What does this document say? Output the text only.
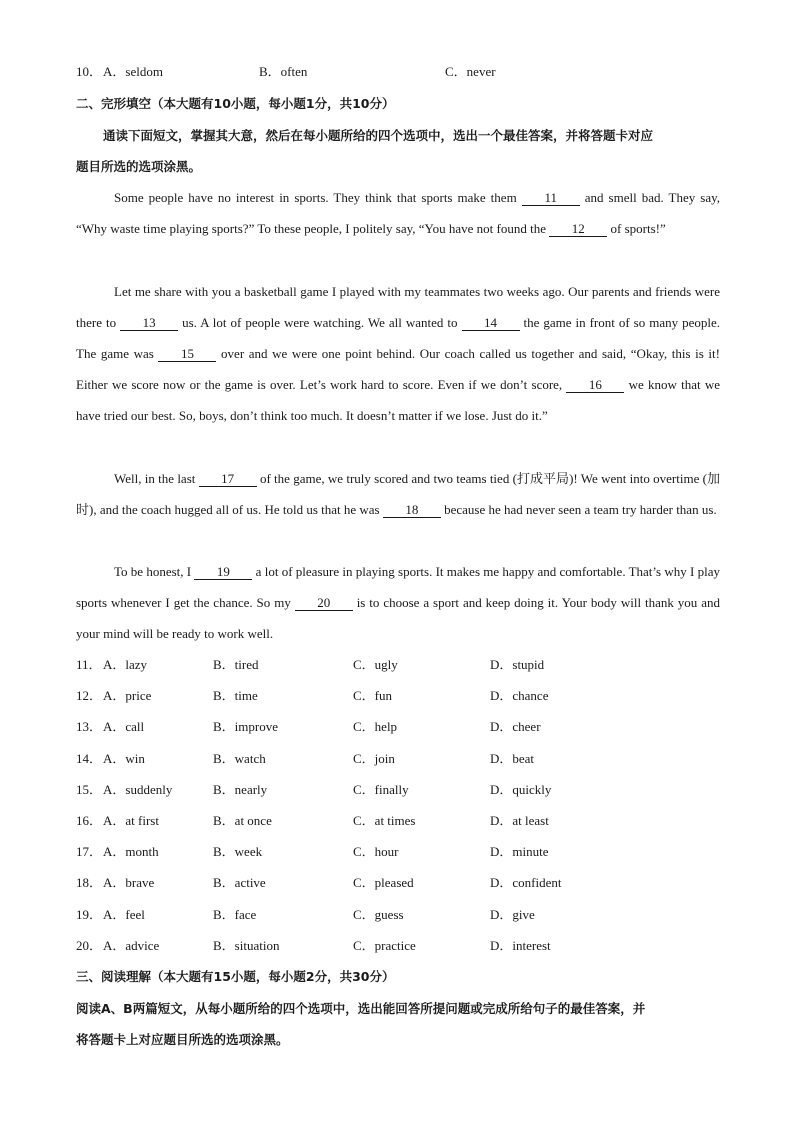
10． A．seldom	B．often	C．never
二、完形填空（本大题有10小题，每小题1分，共10分）
通读下面短文，掌握其大意，然后在每小题所给的四个选项中，选出一个最佳答案，并将答题卡对应
题目所选的选项涂黑。
Some people have no interest in sports. They think that sports make them 11 and smell bad. They say, “Why waste time playing sports?” To these people, I politely say, “You have not found the 12 of sports!”
Let me share with you a basketball game I played with my teammates two weeks ago. Our parents and friends were there to 13 us. A lot of people were watching. We all wanted to 14 the game in front of so many people. The game was 15 over and we were one point behind. Our coach called us together and said, “Okay, this is it! Either we score now or the game is over. Let’s work hard to score. Even if we don’t score, 16 we know that we have tried our best. So, boys, don’t think too much. It doesn’t matter if we lose. Just do it.”
Well, in the last 17 of the game, we truly scored and two teams tied (打成平局)! We went into overtime (加时), and the coach hugged all of us. He told us that he was 18 because he had never seen a team try harder than us.
To be honest, I 19 a lot of pleasure in playing sports. It makes me happy and comfortable. That’s why I play sports whenever I get the chance. So my 20 is to choose a sport and keep doing it. Your body will thank you and your mind will be ready to work well.
11． A．lazy	B．tired	C．ugly	D．stupid
12． A．price	B．time	C．fun	D．chance
13． A．call	B．improve	C．help	D．cheer
14． A．win	B．watch	C．join	D．beat
15． A．suddenly	B．nearly	C．finally	D．quickly
16． A．at first	B．at once	C．at times	D．at least
17． A．month	B．week	C．hour	D．minute
18． A．brave	B．active	C．pleased	D．confident
19． A．feel	B．face	C．guess	D．give
20． A．advice	B．situation	C．practice	D．interest
三、阅读理解（本大题有15小题，每小题2分，共30分）
阅读A、B两篇短文，从每小题所给的四个选项中，选出能回答所提问题或完成所给句子的最佳答案，并
将答题卡上对应题目所选的选项涂黑。
